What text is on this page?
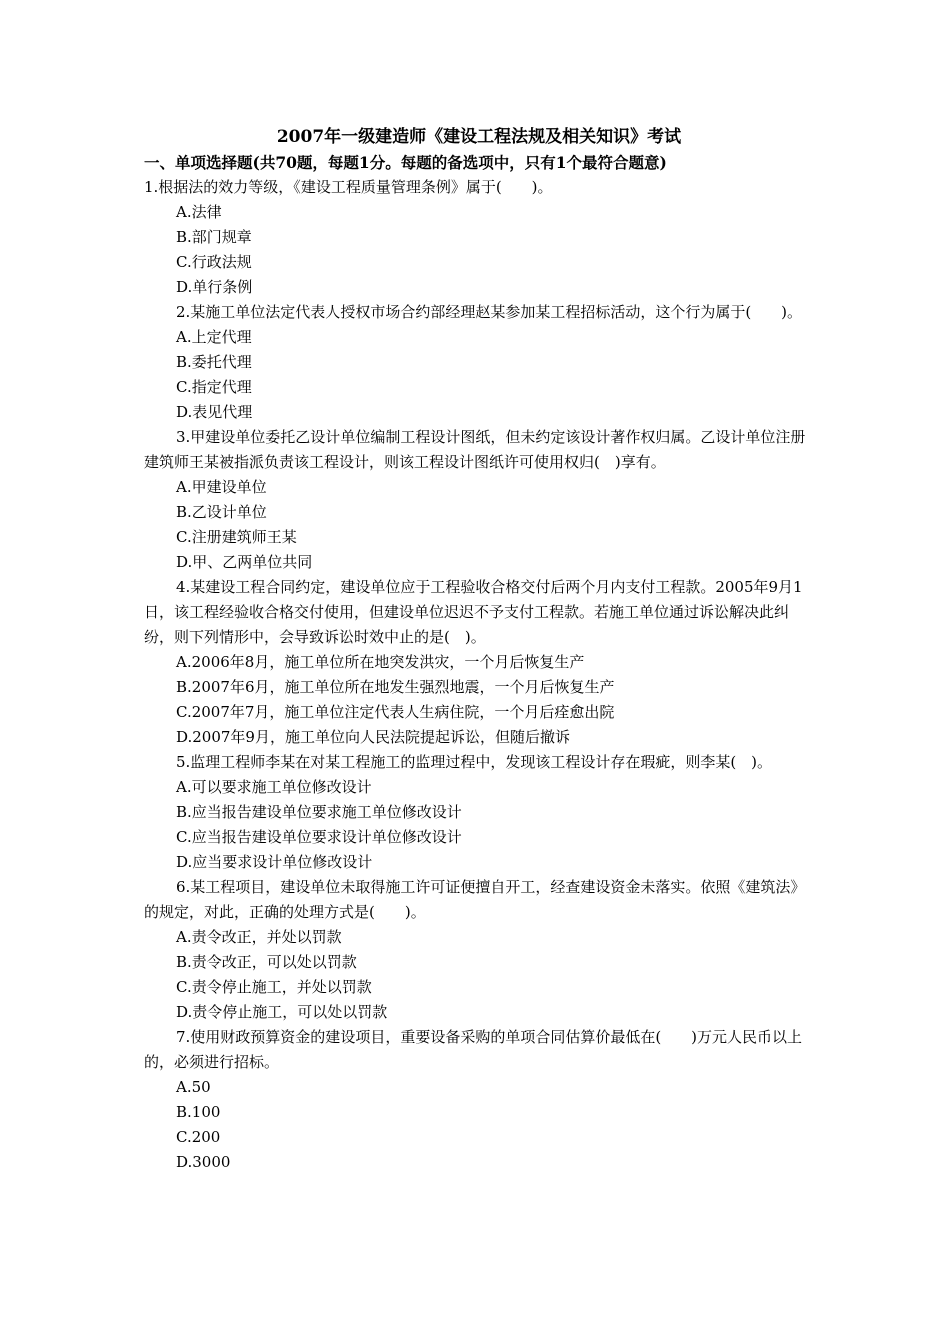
2007年一级建造师《建设工程法规及相关知识》考试

一、单项选择题(共70题，每题1分。每题的备选项中，只有1个最符合题意)

1.根据法的效力等级，《建设工程质量管理条例》属于(　　)。

A.法律

B.部门规章

C.行政法规

D.单行条例

2.某施工单位法定代表人授权市场合约部经理赵某参加某工程招标活动，这个行为属于(　　)。

A.上定代理

B.委托代理

C.指定代理

D.表见代理

3.甲建设单位委托乙设计单位编制工程设计图纸，但未约定该设计著作权归属。乙设计单位注册建筑师王某被指派负责该工程设计，则该工程设计图纸许可使用权归(　)享有。

A.甲建设单位

B.乙设计单位

C.注册建筑师王某

D.甲、乙两单位共同

4.某建设工程合同约定，建设单位应于工程验收合格交付后两个月内支付工程款。2005年9月1日，该工程经验收合格交付使用，但建设单位迟迟不予支付工程款。若施工单位通过诉讼解决此纠纷，则下列情形中，会导致诉讼时效中止的是(　)。

A.2006年8月，施工单位所在地突发洪灾，一个月后恢复生产

B.2007年6月，施工单位所在地发生强烈地震，一个月后恢复生产

C.2007年7月，施工单位注定代表人生病住院，一个月后痊愈出院

D.2007年9月，施工单位向人民法院提起诉讼，但随后撤诉

5.监理工程师李某在对某工程施工的监理过程中，发现该工程设计存在瑕疵，则李某(　)。

A.可以要求施工单位修改设计

B.应当报告建设单位要求施工单位修改设计

C.应当报告建设单位要求设计单位修改设计

D.应当要求设计单位修改设计

6.某工程项目，建设单位未取得施工许可证便擅自开工，经查建设资金未落实。依照《建筑法》的规定，对此，正确的处理方式是(　　)。

A.责令改正，并处以罚款

B.责令改正，可以处以罚款

C.责令停止施工，并处以罚款

D.责令停止施工，可以处以罚款

7.使用财政预算资金的建设项目，重要设备采购的单项合同估算价最低在(　　)万元人民币以上的，必须进行招标。

A.50

B.100

C.200

D.3000
